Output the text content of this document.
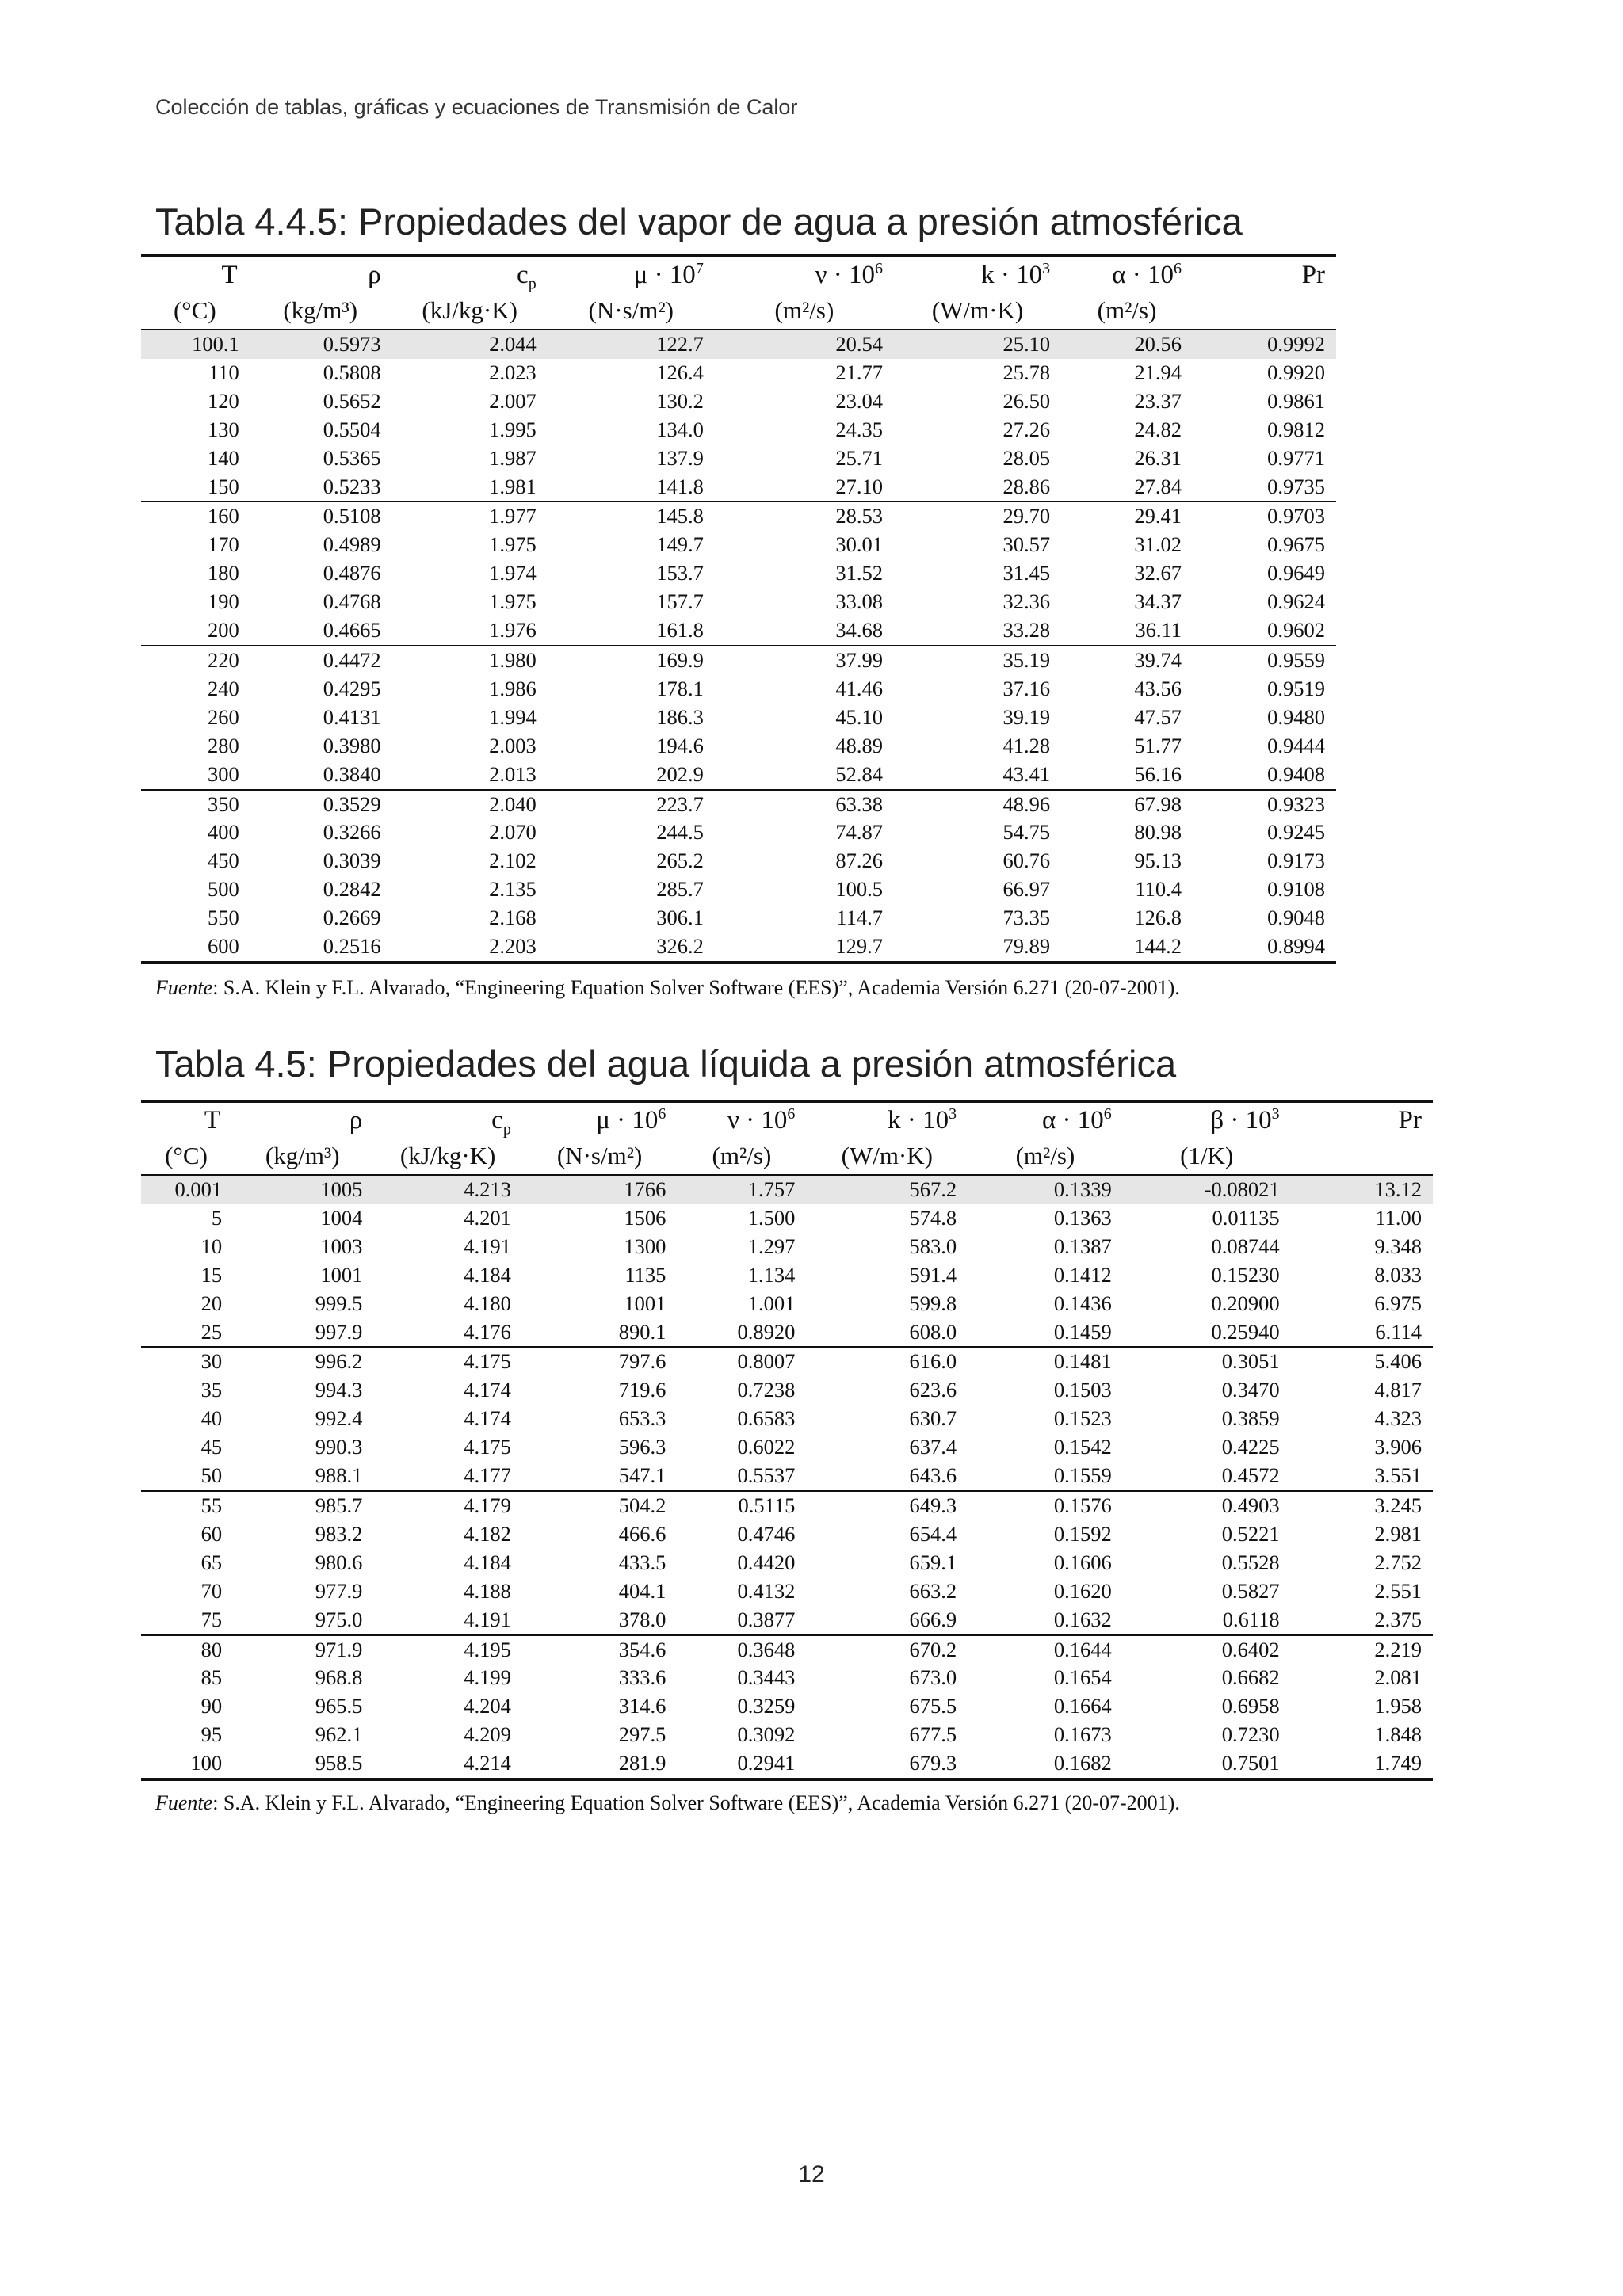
Colección de tablas, gráficas y ecuaciones de Transmisión de Calor
Tabla 4.4.5: Propiedades del vapor de agua a presión atmosférica
T	ρ	$c_p$	$\mu \cdot 10^7$	$\nu \cdot 10^6$	$k \cdot 10^3$	$\alpha \cdot 10^6$	Pr
(°C)	(kg/m³)	(kJ/kg·K)	(N·s/m²)	(m²/s)	(W/m·K)	(m²/s)	
100.1	0.5973	2.044	122.7	20.54	25.10	20.56	0.9992
110	0.5808	2.023	126.4	21.77	25.78	21.94	0.9920
120	0.5652	2.007	130.2	23.04	26.50	23.37	0.9861
130	0.5504	1.995	134.0	24.35	27.26	24.82	0.9812
140	0.5365	1.987	137.9	25.71	28.05	26.31	0.9771
150	0.5233	1.981	141.8	27.10	28.86	27.84	0.9735
160	0.5108	1.977	145.8	28.53	29.70	29.41	0.9703
170	0.4989	1.975	149.7	30.01	30.57	31.02	0.9675
180	0.4876	1.974	153.7	31.52	31.45	32.67	0.9649
190	0.4768	1.975	157.7	33.08	32.36	34.37	0.9624
200	0.4665	1.976	161.8	34.68	33.28	36.11	0.9602
220	0.4472	1.980	169.9	37.99	35.19	39.74	0.9559
240	0.4295	1.986	178.1	41.46	37.16	43.56	0.9519
260	0.4131	1.994	186.3	45.10	39.19	47.57	0.9480
280	0.3980	2.003	194.6	48.89	41.28	51.77	0.9444
300	0.3840	2.013	202.9	52.84	43.41	56.16	0.9408
350	0.3529	2.040	223.7	63.38	48.96	67.98	0.9323
400	0.3266	2.070	244.5	74.87	54.75	80.98	0.9245
450	0.3039	2.102	265.2	87.26	60.76	95.13	0.9173
500	0.2842	2.135	285.7	100.5	66.97	110.4	0.9108
550	0.2669	2.168	306.1	114.7	73.35	126.8	0.9048
600	0.2516	2.203	326.2	129.7	79.89	144.2	0.8994
Fuente: S.A. Klein y F.L. Alvarado, “Engineering Equation Solver Software (EES)”, Academia Versión 6.271 (20-07-2001).
Tabla 4.5: Propiedades del agua líquida a presión atmosférica
T	ρ	$c_p$	$\mu \cdot 10^6$	$\nu \cdot 10^6$	$k \cdot 10^3$	$\alpha \cdot 10^6$	$\beta \cdot 10^3$	Pr
(°C)	(kg/m³)	(kJ/kg·K)	(N·s/m²)	(m²/s)	(W/m·K)	(m²/s)	(1/K)	
0.001	1005	4.213	1766	1.757	567.2	0.1339	-0.08021	13.12
5	1004	4.201	1506	1.500	574.8	0.1363	0.01135	11.00
10	1003	4.191	1300	1.297	583.0	0.1387	0.08744	9.348
15	1001	4.184	1135	1.134	591.4	0.1412	0.15230	8.033
20	999.5	4.180	1001	1.001	599.8	0.1436	0.20900	6.975
25	997.9	4.176	890.1	0.8920	608.0	0.1459	0.25940	6.114
30	996.2	4.175	797.6	0.8007	616.0	0.1481	0.3051	5.406
35	994.3	4.174	719.6	0.7238	623.6	0.1503	0.3470	4.817
40	992.4	4.174	653.3	0.6583	630.7	0.1523	0.3859	4.323
45	990.3	4.175	596.3	0.6022	637.4	0.1542	0.4225	3.906
50	988.1	4.177	547.1	0.5537	643.6	0.1559	0.4572	3.551
55	985.7	4.179	504.2	0.5115	649.3	0.1576	0.4903	3.245
60	983.2	4.182	466.6	0.4746	654.4	0.1592	0.5221	2.981
65	980.6	4.184	433.5	0.4420	659.1	0.1606	0.5528	2.752
70	977.9	4.188	404.1	0.4132	663.2	0.1620	0.5827	2.551
75	975.0	4.191	378.0	0.3877	666.9	0.1632	0.6118	2.375
80	971.9	4.195	354.6	0.3648	670.2	0.1644	0.6402	2.219
85	968.8	4.199	333.6	0.3443	673.0	0.1654	0.6682	2.081
90	965.5	4.204	314.6	0.3259	675.5	0.1664	0.6958	1.958
95	962.1	4.209	297.5	0.3092	677.5	0.1673	0.7230	1.848
100	958.5	4.214	281.9	0.2941	679.3	0.1682	0.7501	1.749
Fuente: S.A. Klein y F.L. Alvarado, “Engineering Equation Solver Software (EES)”, Academia Versión 6.271 (20-07-2001).
12
